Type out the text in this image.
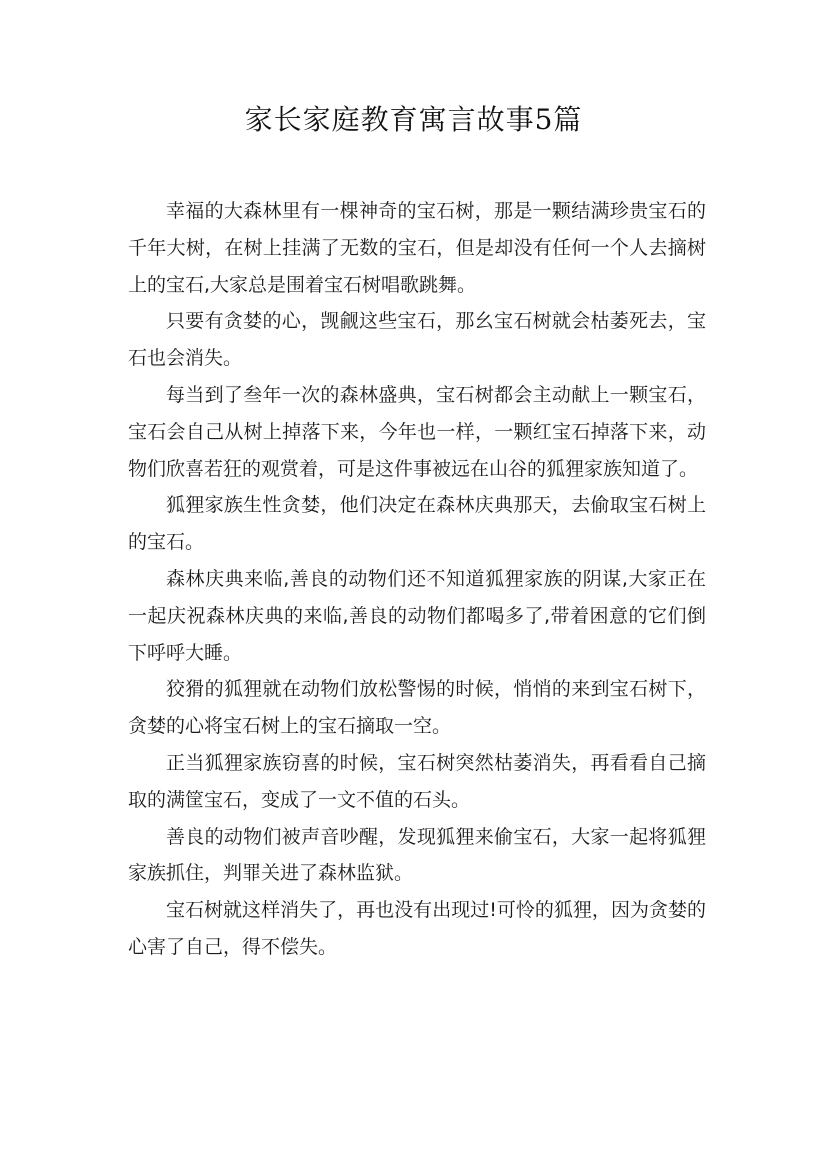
家长家庭教育寓言故事5篇

幸福的大森林里有一棵神奇的宝石树，那是一颗结满珍贵宝石的千年大树，在树上挂满了无数的宝石，但是却没有任何一个人去摘树上的宝石,大家总是围着宝石树唱歌跳舞。

只要有贪婪的心，觊觎这些宝石，那幺宝石树就会枯萎死去，宝石也会消失。

每当到了叁年一次的森林盛典，宝石树都会主动献上一颗宝石，宝石会自己从树上掉落下来，今年也一样，一颗红宝石掉落下来，动物们欣喜若狂的观赏着，可是这件事被远在山谷的狐狸家族知道了。

狐狸家族生性贪婪，他们决定在森林庆典那天，去偷取宝石树上的宝石。

森林庆典来临,善良的动物们还不知道狐狸家族的阴谋,大家正在一起庆祝森林庆典的来临,善良的动物们都喝多了,带着困意的它们倒下呼呼大睡。

狡猾的狐狸就在动物们放松警惕的时候，悄悄的来到宝石树下，贪婪的心将宝石树上的宝石摘取一空。

正当狐狸家族窃喜的时候，宝石树突然枯萎消失，再看看自己摘取的满筐宝石，变成了一文不值的石头。

善良的动物们被声音吵醒，发现狐狸来偷宝石，大家一起将狐狸家族抓住，判罪关进了森林监狱。

宝石树就这样消失了，再也没有出现过!可怜的狐狸，因为贪婪的心害了自己，得不偿失。
